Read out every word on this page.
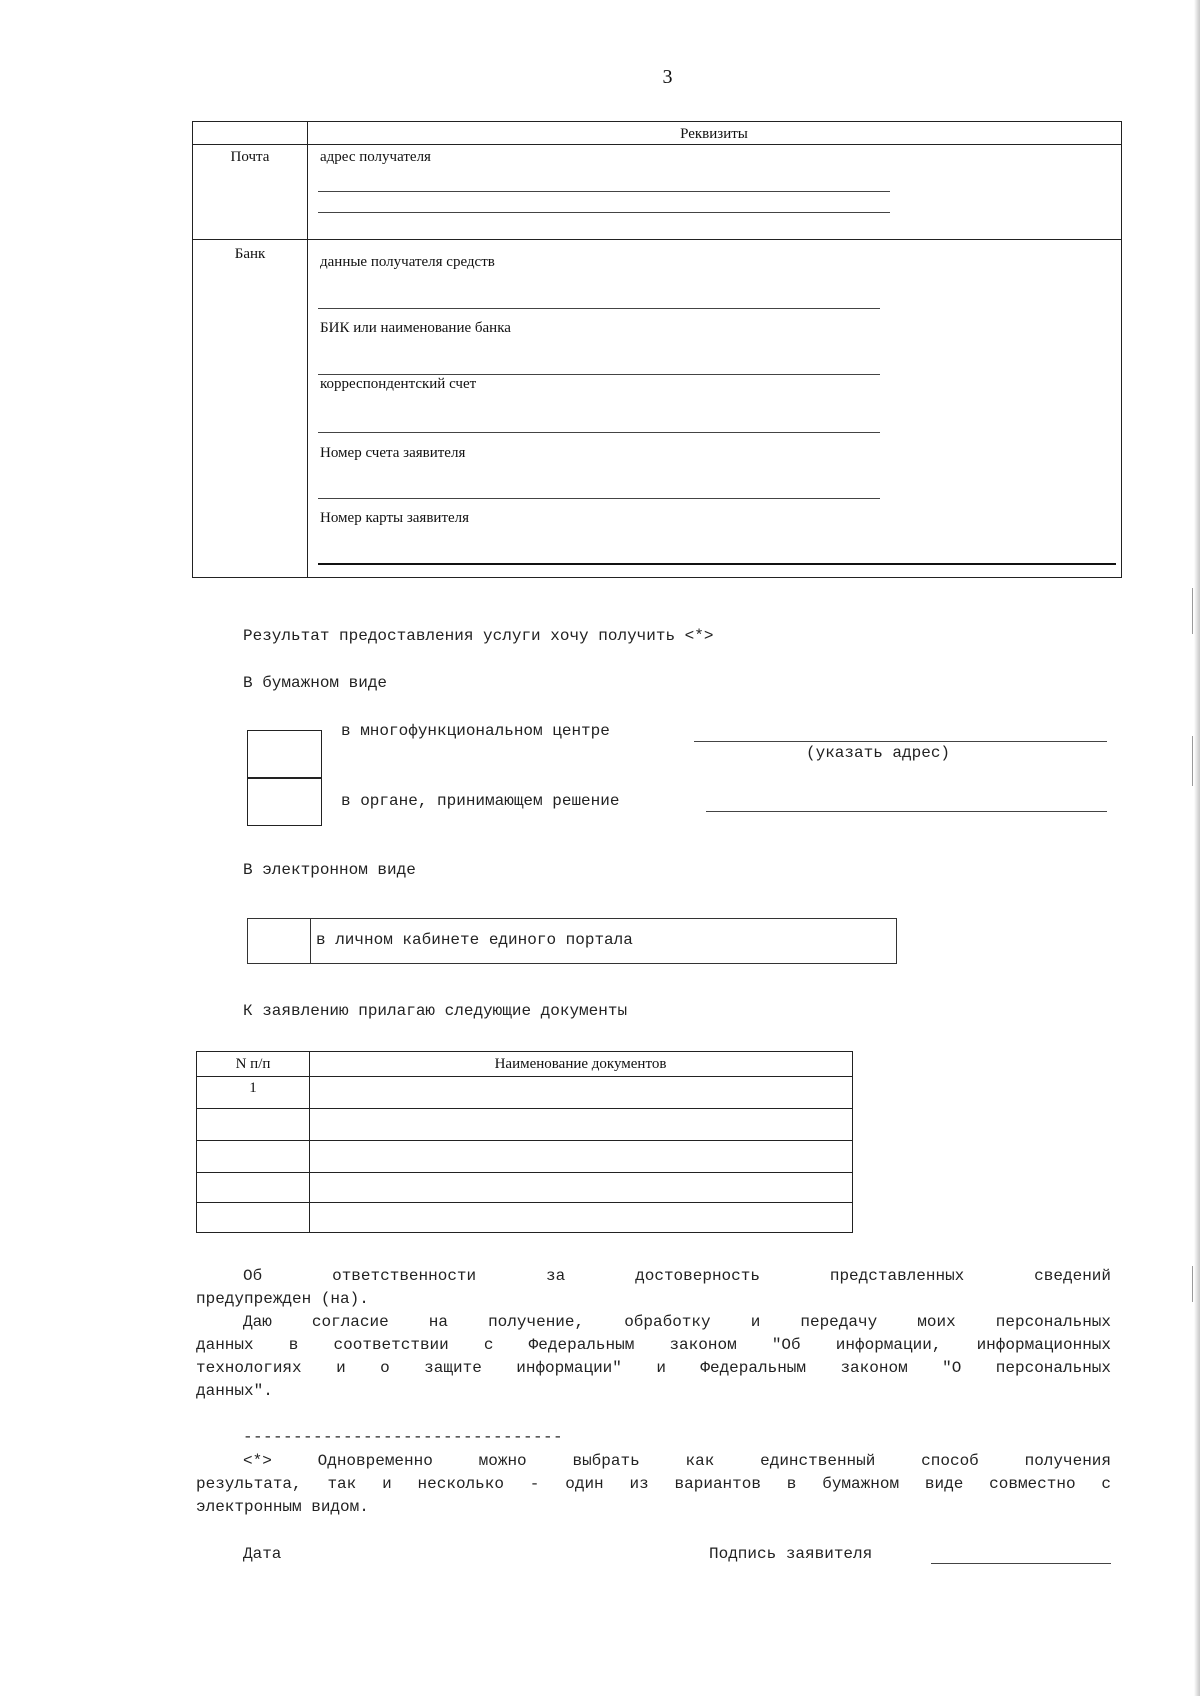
3
Реквизиты
Почта	адрес получателя
Банк	данные получателя средств
БИК или наименование банка
корреспондентский счет
Номер счета заявителя
Номер карты заявителя
Результат предоставления услуги хочу получить <*>
В бумажном виде
в многофункциональном центре
(указать адрес)
в органе, принимающем решение
В электронном виде
в личном кабинете единого портала
К заявлению прилагаю следующие документы
N п/п	Наименование документов
1
Об ответственности за достоверность представленных сведений
предупрежден (на).
Даю согласие на получение, обработку и передачу моих персональных
данных в соответствии с Федеральным законом "Об информации, информационных
технологиях и о защите информации" и Федеральным законом "О персональных
данных".
--------------------------------
<*> Одновременно можно выбрать как единственный способ получения
результата, так и несколько - один из вариантов в бумажном виде совместно с
электронным видом.
Дата	Подпись заявителя
